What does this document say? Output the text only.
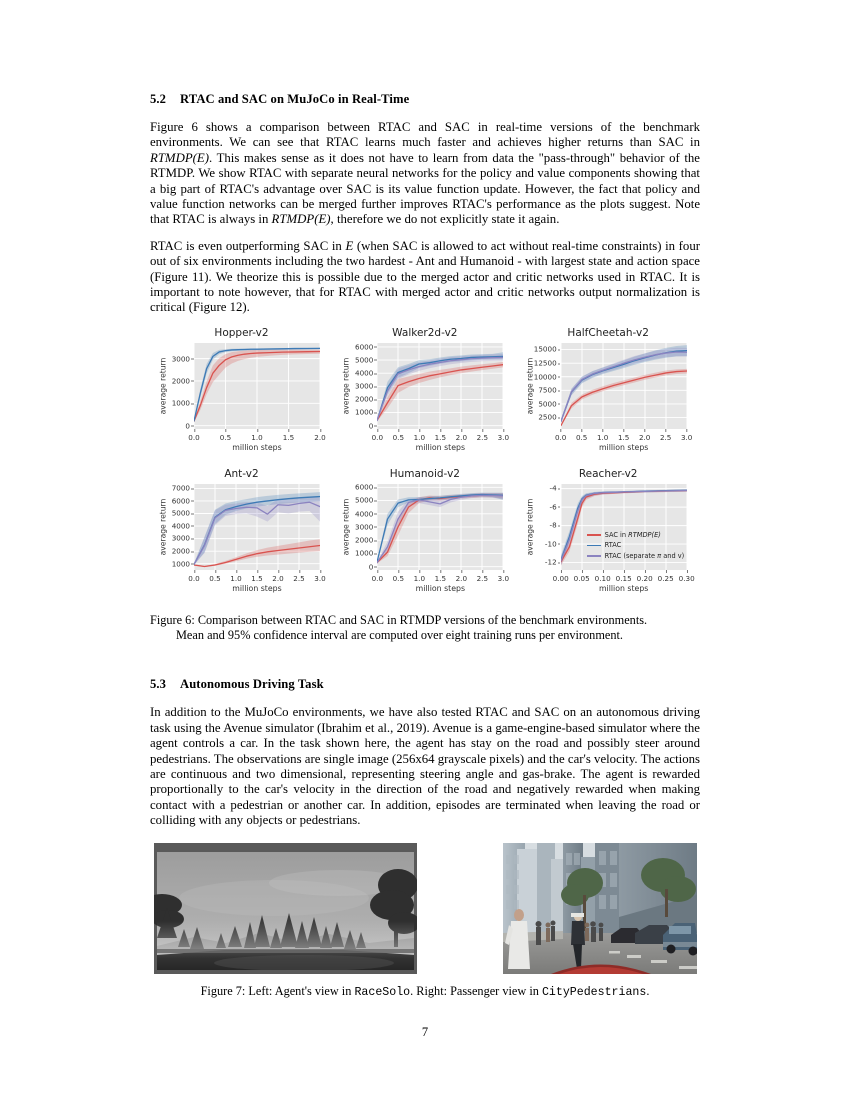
5.2 RTAC and SAC on MuJoCo in Real-Time

Figure 6 shows a comparison between RTAC and SAC in real-time versions of the benchmark environments. We can see that RTAC learns much faster and achieves higher returns than SAC in RTMDP(E). This makes sense as it does not have to learn from data the "pass-through" behavior of the RTMDP. We show RTAC with separate neural networks for the policy and value components showing that a big part of RTAC's advantage over SAC is its value function update. However, the fact that policy and value function networks can be merged further improves RTAC's performance as the plots suggest. Note that RTAC is always in RTMDP(E), therefore we do not explicitly state it again.

RTAC is even outperforming SAC in E (when SAC is allowed to act without real-time constraints) in four out of six environments including the two hardest - Ant and Humanoid - with largest state and action space (Figure 11). We theorize this is possible due to the merged actor and critic networks used in RTAC. It is important to note however, that for RTAC with merged actor and critic networks output normalization is critical (Figure 12).

Hopper-v2
average return
0
1000
2000
3000
0.0	0.5	1.0	1.5	2.0
million steps
Walker2d-v2
average return
0
1000
2000
3000
4000
5000
6000
0.0 0.5 1.0 1.5 2.0 2.5 3.0
million steps
HalfCheetah-v2
average return
2500
5000
7500
10000
12500
15000
0.0 0.5 1.0 1.5 2.0 2.5 3.0
million steps
Ant-v2
average return
1000
2000
3000
4000
5000
6000
7000
0.0 0.5 1.0 1.5 2.0 2.5 3.0
million steps
Humanoid-v2
average return
0
1000
2000
3000
4000
5000
6000
0.0 0.5 1.0 1.5 2.0 2.5 3.0
million steps
Reacher-v2
average return
-4
-6
-8
-10
-12
0.00 0.05 0.10 0.15 0.20 0.25 0.30
million steps
SAC in RTMDP(E)
RTAC
RTAC (separate π and v)
Figure 6: Comparison between RTAC and SAC in RTMDP versions of the benchmark environments.
Mean and 95% confidence interval are computed over eight training runs per environment.
5.3 Autonomous Driving Task

In addition to the MuJoCo environments, we have also tested RTAC and SAC on an autonomous driving task using the Avenue simulator (Ibrahim et al., 2019). Avenue is a game-engine-based simulator where the agent controls a car. In the task shown here, the agent has stay on the road and possibly steer around pedestrians. The observations are single image (256x64 grayscale pixels) and the car's velocity. The actions are continuous and two dimensional, representing steering angle and gas-brake. The agent is rewarded proportionally to the car's velocity in the direction of the road and negatively rewarded when making contact with a pedestrian or another car. In addition, episodes are terminated when leaving the road or colliding with any objects or pedestrians.

Figure 7: Left: Agent's view in RaceSolo. Right: Passenger view in CityPedestrians.
7
